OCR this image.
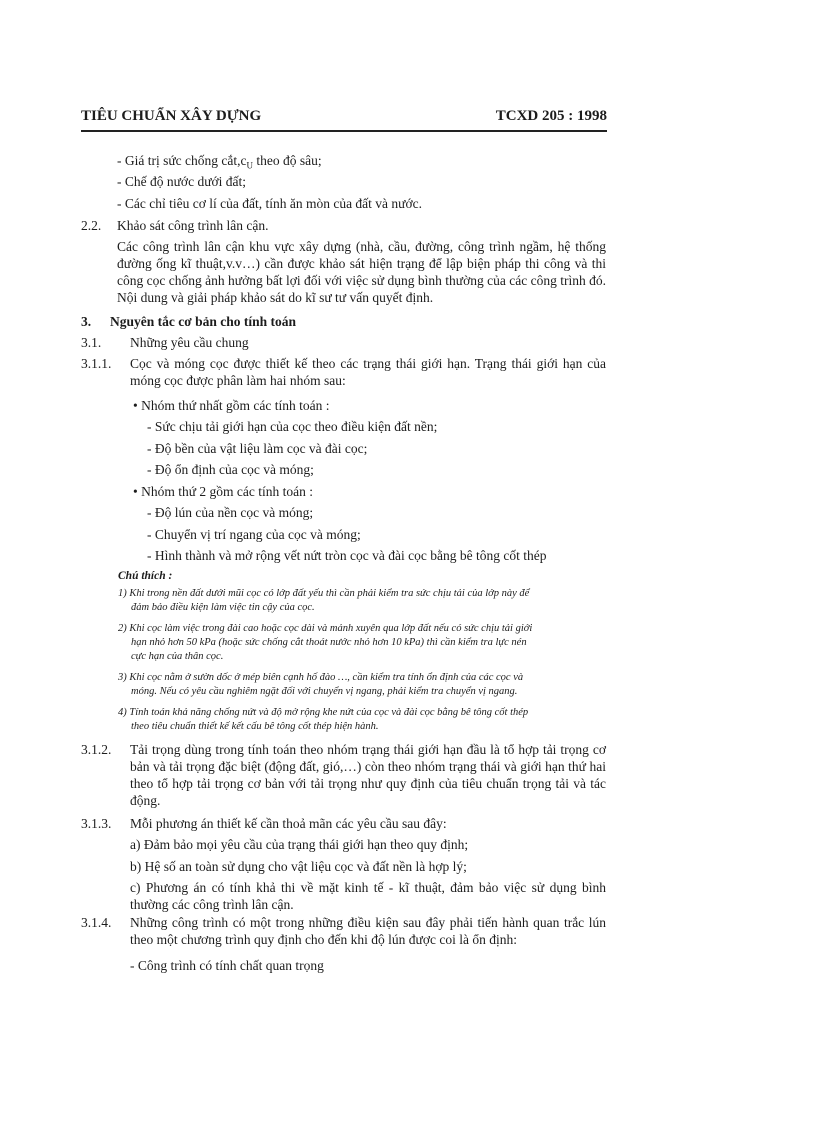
TIÊU CHUẨN XÂY DỰNG	TCXD 205 : 1998
- Giá trị sức chống $cắt,c_U$ theo độ sâu;
- Chế độ nước dưới đất;
- Các chỉ tiêu cơ lí của đất, tính ăn mòn của đất và nước.
2.2. Khảo sát công trình lân cận.
Các công trình lân cận khu vực xây dựng (nhà, cầu, đường, công trình ngầm, hệ thống đường ống kĩ thuật,v.v…) cần được khảo sát hiện trạng để lập biện pháp thi công và thi công cọc chống ảnh hưởng bất lợi đối với việc sử dụng bình thường của các công trình đó. Nội dung và giải pháp khảo sát do kĩ sư tư vấn quyết định.
3. Nguyên tắc cơ bản cho tính toán
3.1. Những yêu cầu chung
3.1.1. Cọc và móng cọc được thiết kế theo các trạng thái giới hạn. Trạng thái giới hạn của móng cọc được phân làm hai nhóm sau:
• Nhóm thứ nhất gồm các tính toán :
- Sức chịu tải giới hạn của cọc theo điều kiện đất nền;
- Độ bền của vật liệu làm cọc và đài cọc;
- Độ ổn định của cọc và móng;
• Nhóm thứ 2 gồm các tính toán :
- Độ lún của nền cọc và móng;
- Chuyển vị trí ngang của cọc và móng;
- Hình thành và mở rộng vết nứt tròn cọc và đài cọc bằng bê tông cốt thép
Chú thích :
1) Khi trong nền đất dưới mũi cọc có lớp đất yếu thì cần phải kiểm tra sức chịu tải của lớp này để
đảm bảo điều kiện làm việc tin cậy của cọc.
2) Khi cọc làm việc trong đài cao hoặc cọc dài và mảnh xuyên qua lớp đất nếu có sức chịu tải giới
hạn nhỏ hơn 50 kPa (hoặc sức chống cắt thoát nước nhỏ hơn 10 kPa) thì cần kiểm tra lực nén
cực hạn của thân cọc.
3) Khi cọc nằm ở sườn dốc ở mép biên cạnh hố đào …, cần kiểm tra tính ổn định của các cọc và
móng. Nếu có yêu cầu nghiêm ngặt đối với chuyển vị ngang, phải kiểm tra chuyển vị ngang.
4) Tính toán khả năng chống nứt và độ mở rộng khe nứt của cọc và đài cọc bằng bê tông cốt thép
theo tiêu chuẩn thiết kế kết cấu bê tông cốt thép hiện hành.
3.1.2. Tải trọng dùng trong tính toán theo nhóm trạng thái giới hạn đầu là tổ hợp tải trọng cơ bản và tải trọng đặc biệt (động đất, gió,…) còn theo nhóm trạng thái và giới hạn thứ hai theo tổ hợp tải trọng cơ bản với tải trọng như quy định của tiêu chuẩn trọng tải và tác động.
3.1.3. Mỗi phương án thiết kế cần thoả mãn các yêu cầu sau đây:
a) Đảm bảo mọi yêu cầu của trạng thái giới hạn theo quy định;
b) Hệ số an toàn sử dụng cho vật liệu cọc và đất nền là hợp lý;
c) Phương án có tính khả thi về mặt kinh tế - kĩ thuật, đảm bảo việc sử dụng bình thường các công trình lân cận.
3.1.4. Những công trình có một trong những điều kiện sau đây phải tiến hành quan trắc lún theo một chương trình quy định cho đến khi độ lún được coi là ổn định:
- Công trình có tính chất quan trọng
